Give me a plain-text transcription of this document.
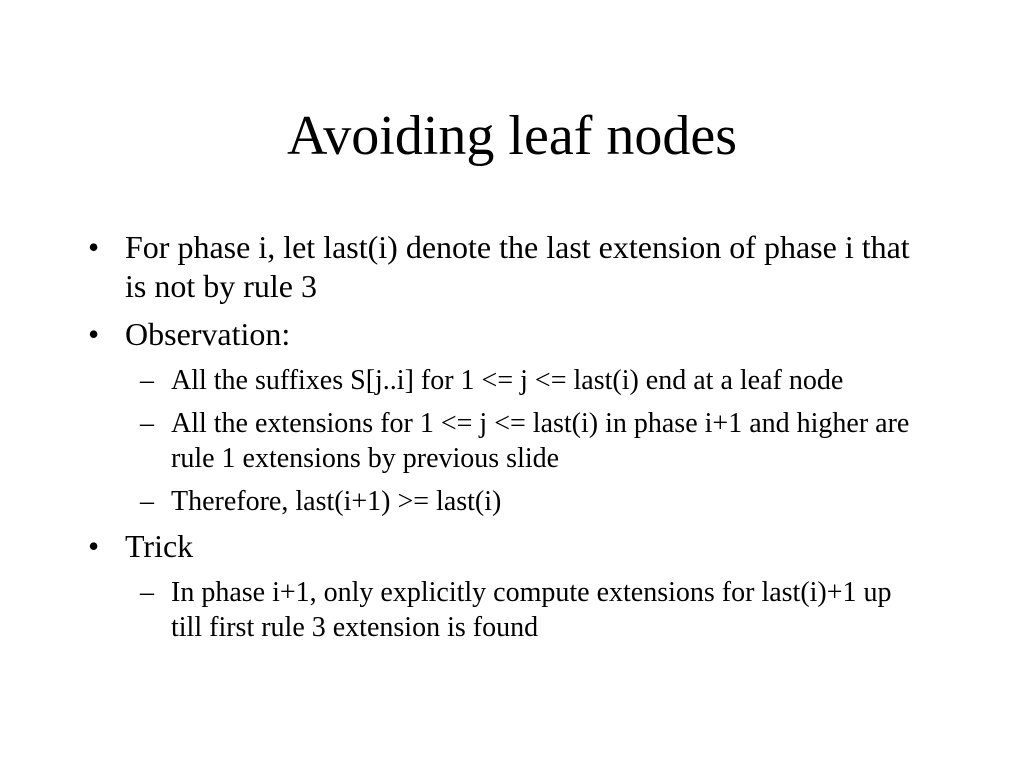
Avoiding leaf nodes
• For phase i, let last(i) denote the last extension of phase i that is not by rule 3
• Observation:
– All the suffixes S[j..i] for 1 <= j <= last(i) end at a leaf node
– All the extensions for 1 <= j <= last(i) in phase i+1 and higher are rule 1 extensions by previous slide
– Therefore, last(i+1) >= last(i)
• Trick
– In phase i+1, only explicitly compute extensions for last(i)+1 up till first rule 3 extension is found
